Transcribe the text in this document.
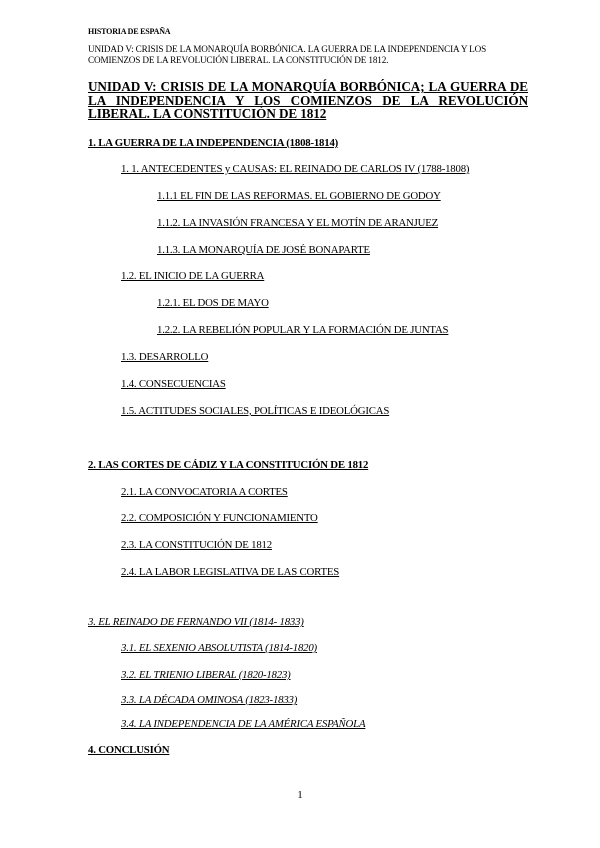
HISTORIA DE ESPAÑA
UNIDAD V: CRISIS DE LA MONARQUÍA BORBÓNICA. LA GUERRA DE LA INDEPENDENCIA Y LOS COMIENZOS DE LA REVOLUCIÓN LIBERAL. LA CONSTITUCIÓN DE 1812.
UNIDAD V: CRISIS DE LA MONARQUÍA BORBÓNICA; LA GUERRA DE LA INDEPENDENCIA Y LOS COMIENZOS DE LA REVOLUCIÓN LIBERAL. LA CONSTITUCIÓN DE 1812
1. LA GUERRA DE LA INDEPENDENCIA (1808-1814)
1. 1. ANTECEDENTES y CAUSAS: EL REINADO DE CARLOS IV (1788-1808)
1.1.1 EL FIN DE LAS REFORMAS. EL GOBIERNO DE GODOY
1.1.2. LA INVASIÓN FRANCESA Y EL MOTÍN DE ARANJUEZ
1.1.3. LA MONARQUÍA DE JOSÉ BONAPARTE
1.2. EL INICIO DE LA GUERRA
1.2.1. EL DOS DE MAYO
1.2.2. LA REBELIÓN POPULAR Y LA FORMACIÓN DE JUNTAS
1.3. DESARROLLO
1.4. CONSECUENCIAS
1.5. ACTITUDES SOCIALES, POLÍTICAS E IDEOLÓGICAS
2. LAS CORTES DE CÁDIZ Y LA CONSTITUCIÓN DE 1812
2.1. LA CONVOCATORIA A CORTES
2.2. COMPOSICIÓN Y FUNCIONAMIENTO
2.3. LA CONSTITUCIÓN DE 1812
2.4. LA LABOR LEGISLATIVA DE LAS CORTES
3. EL REINADO DE FERNANDO VII (1814- 1833)
3.1. EL SEXENIO ABSOLUTISTA (1814-1820)
3.2. EL TRIENIO LIBERAL (1820-1823)
3.3. LA DÉCADA OMINOSA (1823-1833)
3.4. LA INDEPENDENCIA DE LA AMÉRICA ESPAÑOLA
4. CONCLUSIÓN
1
